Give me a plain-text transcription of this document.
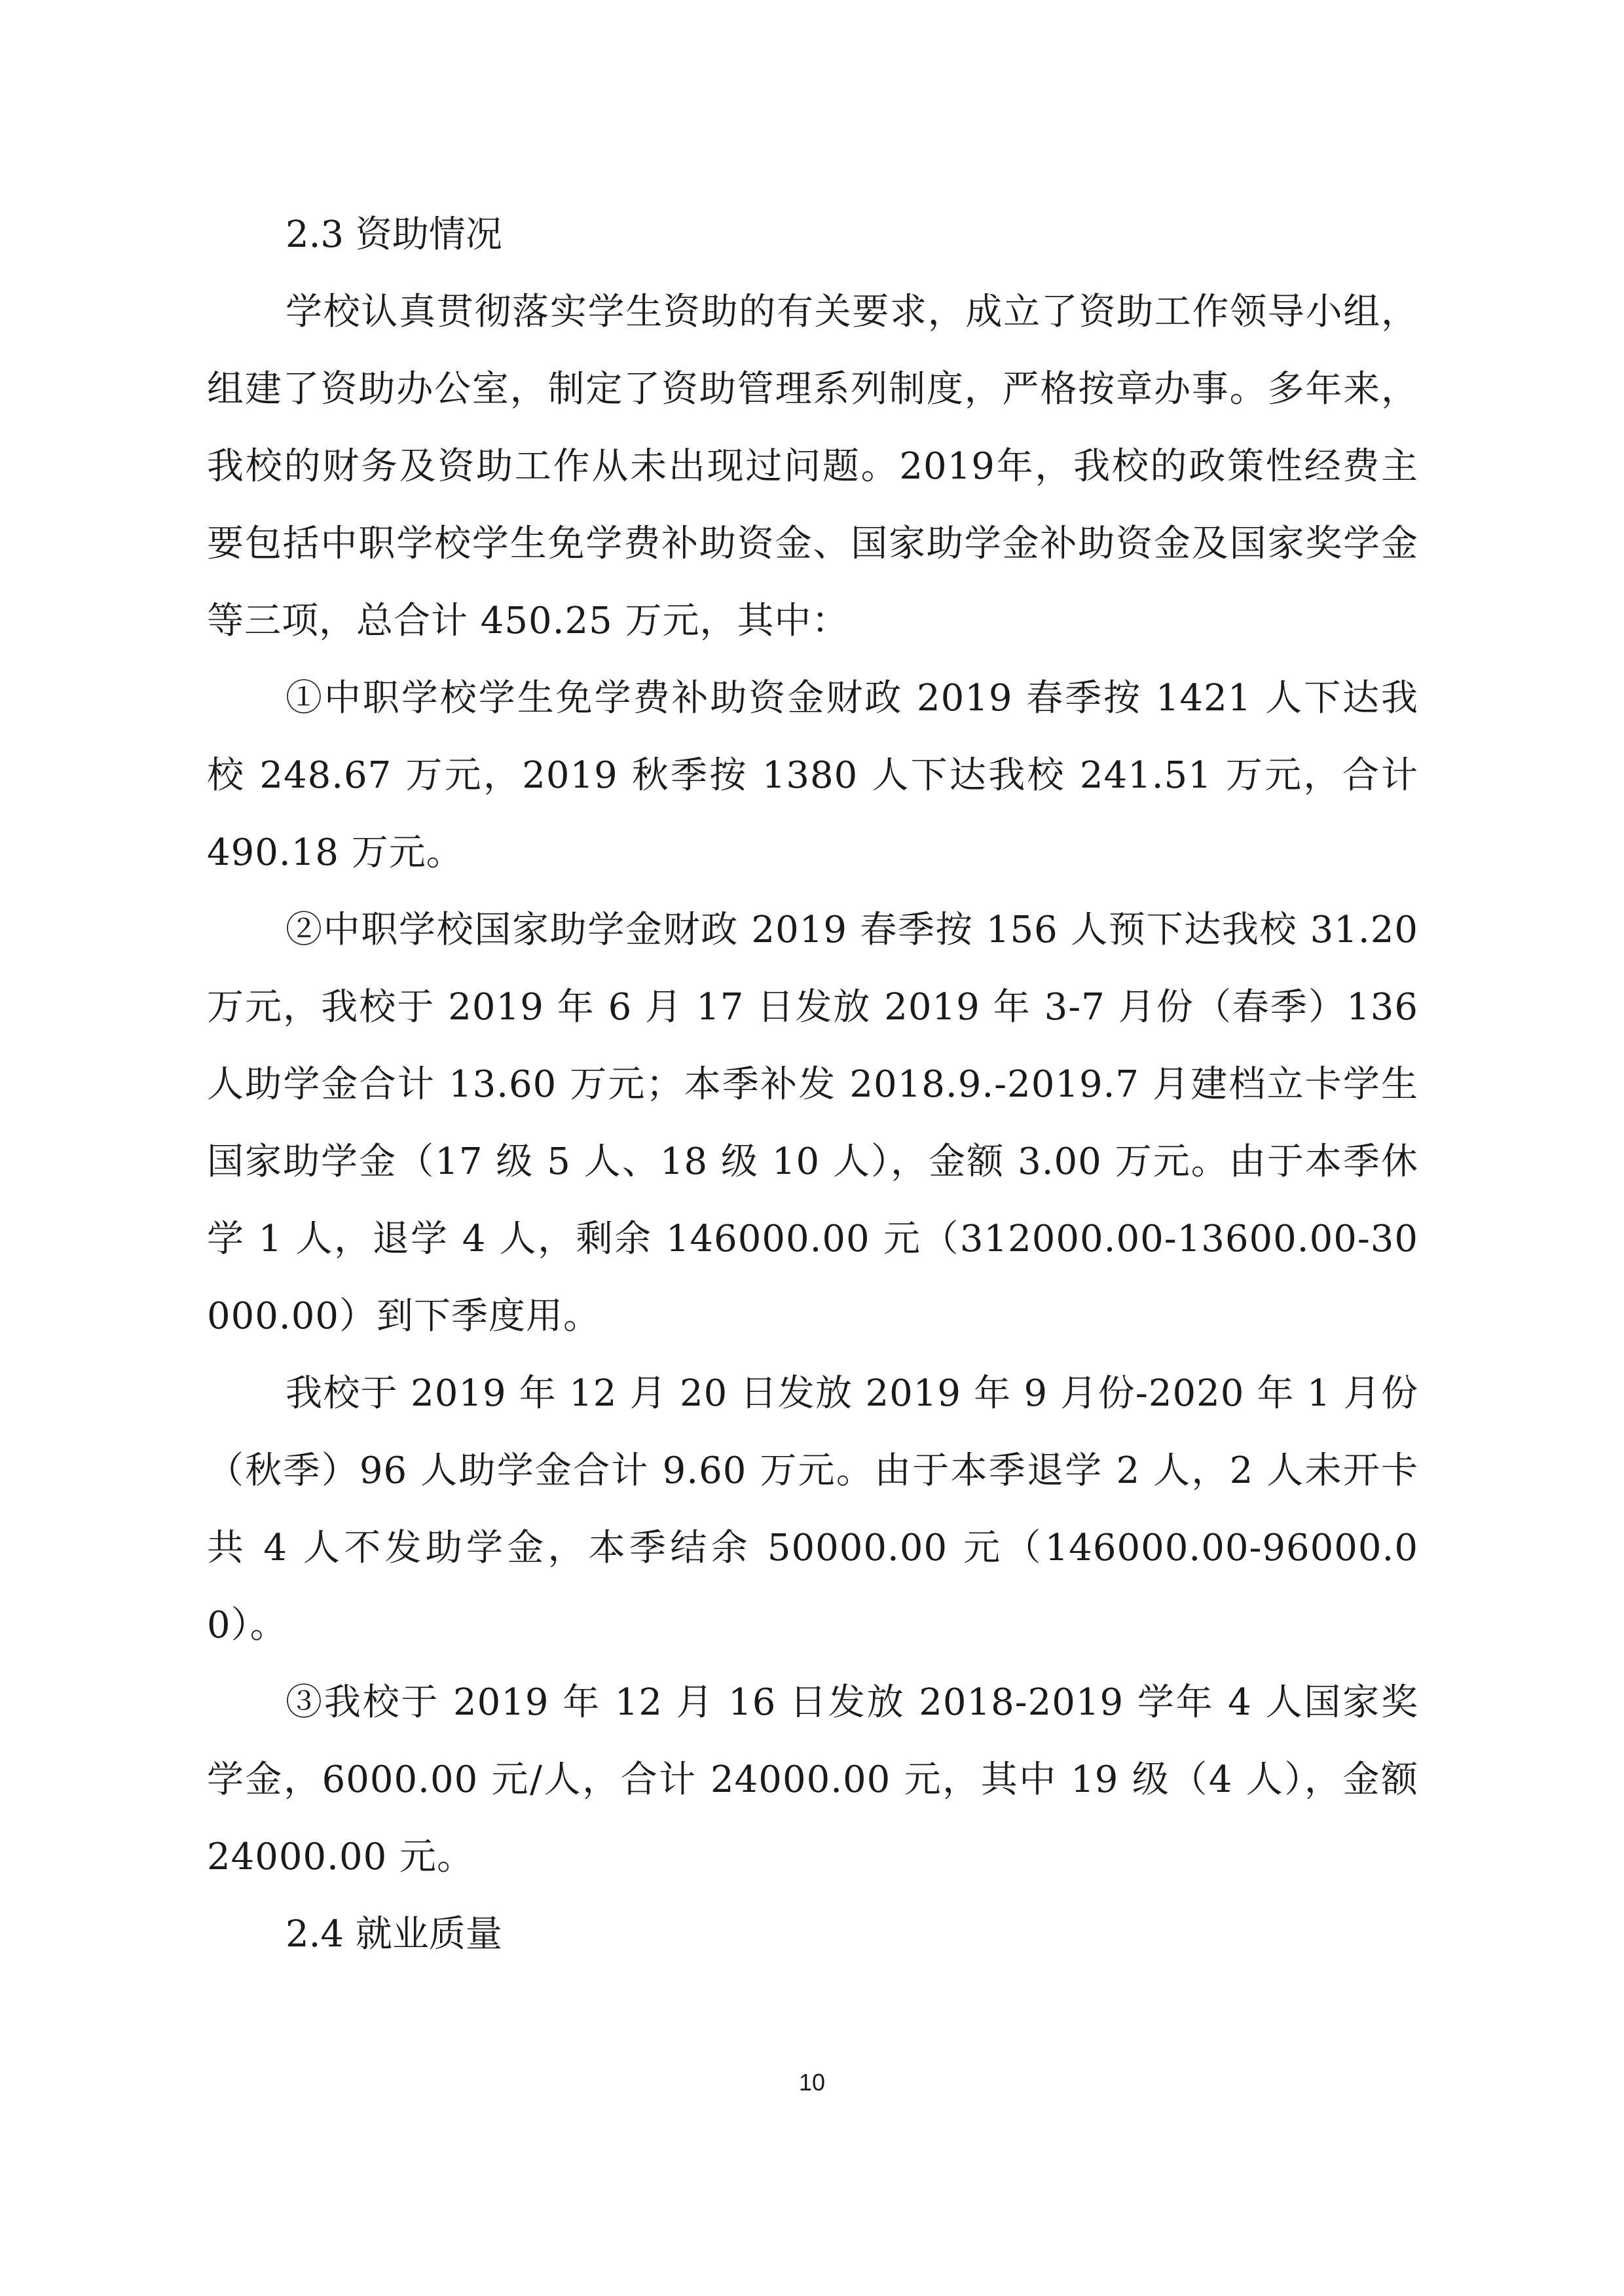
2.3 资助情况

学校认真贯彻落实学生资助的有关要求，成立了资助工作领导小组，组建了资助办公室，制定了资助管理系列制度，严格按章办事。多年来，我校的财务及资助工作从未出现过问题。2019年，我校的政策性经费主要包括中职学校学生免学费补助资金、国家助学金补助资金及国家奖学金等三项，总合计 450.25 万元，其中：

①中职学校学生免学费补助资金财政 2019 春季按 1421 人下达我校 248.67 万元，2019 秋季按 1380 人下达我校 241.51 万元，合计 490.18 万元。

②中职学校国家助学金财政 2019 春季按 156 人预下达我校 31.20 万元，我校于 2019 年 6 月 17 日发放 2019 年 3-7 月份（春季）136 人助学金合计 13.60 万元；本季补发 2018.9.-2019.7 月建档立卡学生国家助学金（17 级 5 人、18 级 10 人），金额 3.00 万元。由于本季休学 1 人，退学 4 人，剩余 146000.00 元（312000.00-13600.00-30000.00）到下季度用。

我校于 2019 年 12 月 20 日发放 2019 年 9 月份-2020 年 1 月份（秋季）96 人助学金合计 9.60 万元。由于本季退学 2 人，2 人未开卡共 4 人不发助学金，本季结余 50000.00 元（146000.00-96000.00）。

③我校于 2019 年 12 月 16 日发放 2018-2019 学年 4 人国家奖学金，6000.00 元/人，合计 24000.00 元，其中 19 级（4 人），金额 24000.00 元。

2.4 就业质量

10
